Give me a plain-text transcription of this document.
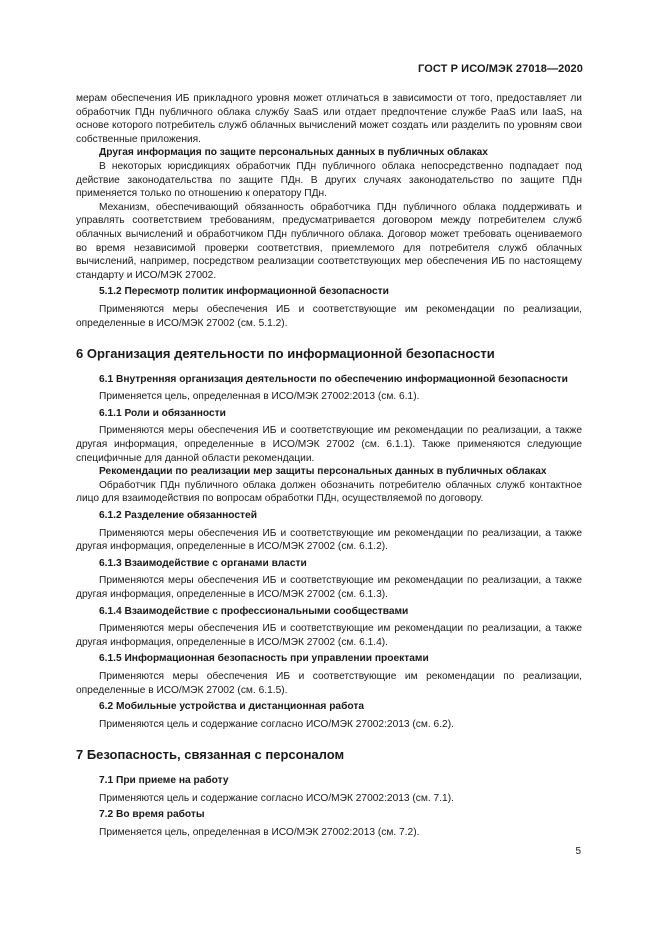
ГОСТ Р ИСО/МЭК 27018—2020

мерам обеспечения ИБ прикладного уровня может отличаться в зависимости от того, предоставляет ли обработчик ПДн публичного облака службу SaaS или отдает предпочтение службе PaaS или IaaS, на основе которого потребитель служб облачных вычислений может создать или разделить по уровням свои собственные приложения.

Другая информация по защите персональных данных в публичных облаках

В некоторых юрисдикциях обработчик ПДн публичного облака непосредственно подпадает под действие законодательства по защите ПДн. В других случаях законодательство по защите ПДн применяется только по отношению к оператору ПДн.

Механизм, обеспечивающий обязанность обработчика ПДн публичного облака поддерживать и управлять соответствием требованиям, предусматривается договором между потребителем служб облачных вычислений и обработчиком ПДн публичного облака. Договор может требовать оцениваемого во время независимой проверки соответствия, приемлемого для потребителя служб облачных вычислений, например, посредством реализации соответствующих мер обеспечения ИБ по настоящему стандарту и ИСО/МЭК 27002.

5.1.2 Пересмотр политик информационной безопасности

Применяются меры обеспечения ИБ и соответствующие им рекомендации по реализации, определенные в ИСО/МЭК 27002 (см. 5.1.2).

6 Организация деятельности по информационной безопасности

6.1 Внутренняя организация деятельности по обеспечению информационной безопасности

Применяется цель, определенная в ИСО/МЭК 27002:2013 (см. 6.1).

6.1.1 Роли и обязанности

Применяются меры обеспечения ИБ и соответствующие им рекомендации по реализации, а также другая информация, определенные в ИСО/МЭК 27002 (см. 6.1.1). Также применяются следующие специфичные для данной области рекомендации.

Рекомендации по реализации мер защиты персональных данных в публичных облаках

Обработчик ПДн публичного облака должен обозначить потребителю облачных служб контактное лицо для взаимодействия по вопросам обработки ПДн, осуществляемой по договору.

6.1.2 Разделение обязанностей

Применяются меры обеспечения ИБ и соответствующие им рекомендации по реализации, а также другая информация, определенные в ИСО/МЭК 27002 (см. 6.1.2).

6.1.3 Взаимодействие с органами власти

Применяются меры обеспечения ИБ и соответствующие им рекомендации по реализации, а также другая информация, определенные в ИСО/МЭК 27002 (см. 6.1.3).

6.1.4 Взаимодействие с профессиональными сообществами

Применяются меры обеспечения ИБ и соответствующие им рекомендации по реализации, а также другая информация, определенные в ИСО/МЭК 27002 (см. 6.1.4).

6.1.5 Информационная безопасность при управлении проектами

Применяются меры обеспечения ИБ и соответствующие им рекомендации по реализации, определенные в ИСО/МЭК 27002 (см. 6.1.5).

6.2 Мобильные устройства и дистанционная работа

Применяются цель и содержание согласно ИСО/МЭК 27002:2013 (см. 6.2).

7 Безопасность, связанная с персоналом

7.1 При приеме на работу

Применяются цель и содержание согласно ИСО/МЭК 27002:2013 (см. 7.1).

7.2 Во время работы

Применяется цель, определенная в ИСО/МЭК 27002:2013 (см. 7.2).

5
